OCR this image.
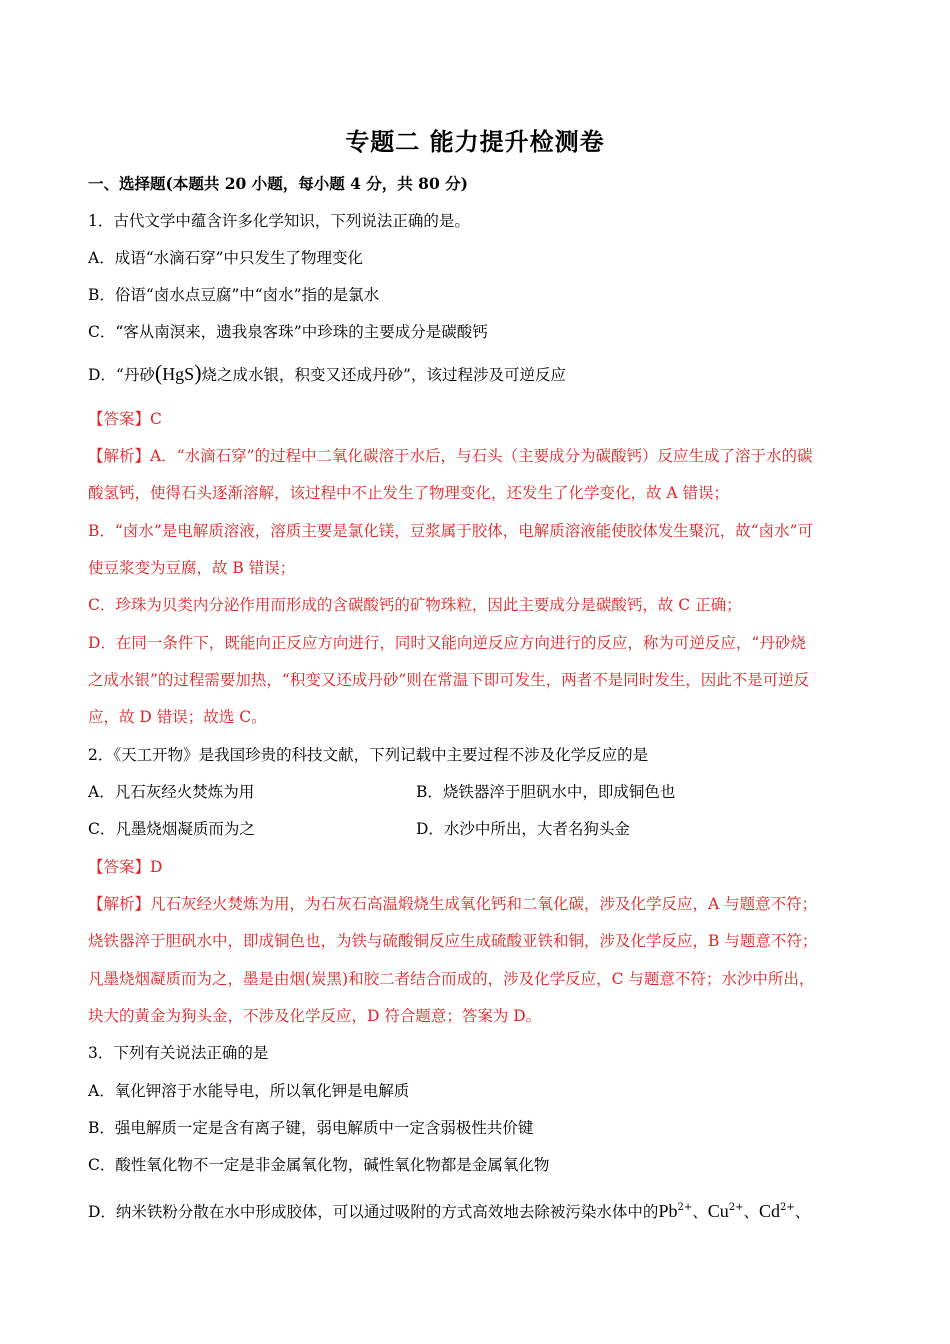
专题二 能力提升检测卷
一、选择题(本题共 20 小题，每小题 4 分，共 80 分)
1．古代文学中蕴含许多化学知识，下列说法正确的是。
A．成语“水滴石穿”中只发生了物理变化
B．俗语“卤水点豆腐”中“卤水”指的是氯水
C．“客从南溟来，遗我泉客珠”中珍珠的主要成分是碳酸钙
D．“丹砂(HgS)烧之成水银，积变又还成丹砂”，该过程涉及可逆反应
【答案】C
【解析】A．“水滴石穿”的过程中二氧化碳溶于水后，与石头（主要成分为碳酸钙）反应生成了溶于水的碳
酸氢钙，使得石头逐渐溶解，该过程中不止发生了物理变化，还发生了化学变化，故 A 错误；
B．“卤水”是电解质溶液，溶质主要是氯化镁，豆浆属于胶体，电解质溶液能使胶体发生聚沉，故“卤水”可
使豆浆变为豆腐，故 B 错误；
C．珍珠为贝类内分泌作用而形成的含碳酸钙的矿物珠粒，因此主要成分是碳酸钙，故 C 正确；
D．在同一条件下，既能向正反应方向进行，同时又能向逆反应方向进行的反应，称为可逆反应，“丹砂烧
之成水银”的过程需要加热，“积变又还成丹砂”则在常温下即可发生，两者不是同时发生，因此不是可逆反
应，故 D 错误；故选 C。
2．《天工开物》是我国珍贵的科技文献，下列记载中主要过程不涉及化学反应的是
A．凡石灰经火焚炼为用	B．烧铁器淬于胆矾水中，即成铜色也
C．凡墨烧烟凝质而为之	D．水沙中所出，大者名狗头金
【答案】D
【解析】凡石灰经火焚炼为用，为石灰石高温煅烧生成氧化钙和二氧化碳，涉及化学反应，A 与题意不符；
烧铁器淬于胆矾水中，即成铜色也，为铁与硫酸铜反应生成硫酸亚铁和铜，涉及化学反应，B 与题意不符；
凡墨烧烟凝质而为之，墨是由烟(炭黑)和胶二者结合而成的，涉及化学反应，C 与题意不符；水沙中所出，
块大的黄金为狗头金，不涉及化学反应，D 符合题意；答案为 D。
3．下列有关说法正确的是
A．氧化钾溶于水能导电，所以氧化钾是电解质
B．强电解质一定是含有离子键，弱电解质中一定含弱极性共价键
C．酸性氧化物不一定是非金属氧化物，碱性氧化物都是金属氧化物
D．纳米铁粉分散在水中形成胶体，可以通过吸附的方式高效地去除被污染水体中的$Pb^{2+}$、$Cu^{2+}$、$Cd^{2+}$、
